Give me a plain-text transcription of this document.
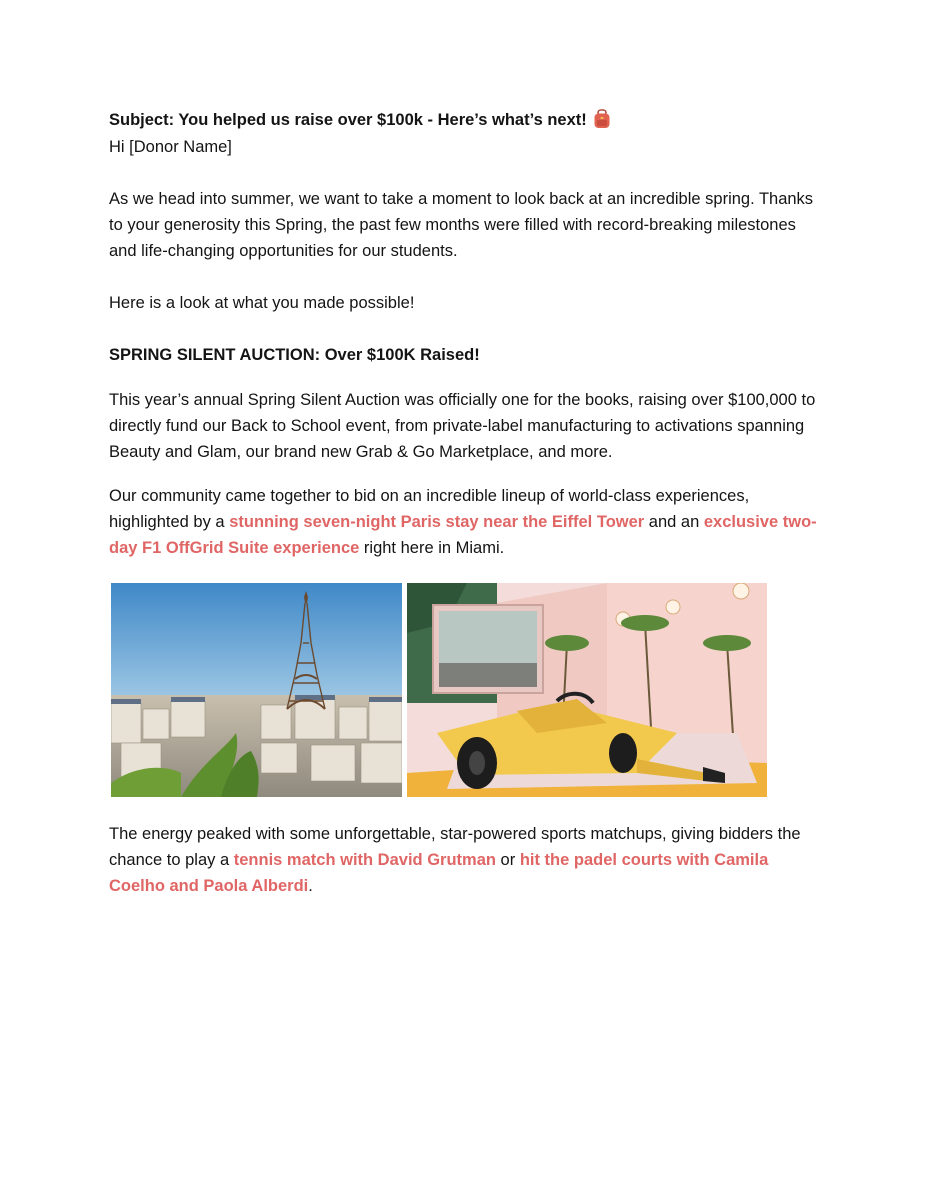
Subject: You helped us raise over $100k - Here’s what’s next!

Hi [Donor Name]

As we head into summer, we want to take a moment to look back at an incredible spring. Thanks to your generosity this Spring, the past few months were filled with record-breaking milestones and life-changing opportunities for our students.

Here is a look at what you made possible!

SPRING SILENT AUCTION: Over $100K Raised!

This year’s annual Spring Silent Auction was officially one for the books, raising over $100,000 to directly fund our Back to School event, from private-label manufacturing to activations spanning Beauty and Glam, our brand new Grab & Go Marketplace, and more.

Our community came together to bid on an incredible lineup of world-class experiences, highlighted by a stunning seven-night Paris stay near the Eiffel Tower and an exclusive two-day F1 OffGrid Suite experience right here in Miami.

The energy peaked with some unforgettable, star-powered sports matchups, giving bidders the chance to play a tennis match with David Grutman or hit the padel courts with Camila Coelho and Paola Alberdi.
